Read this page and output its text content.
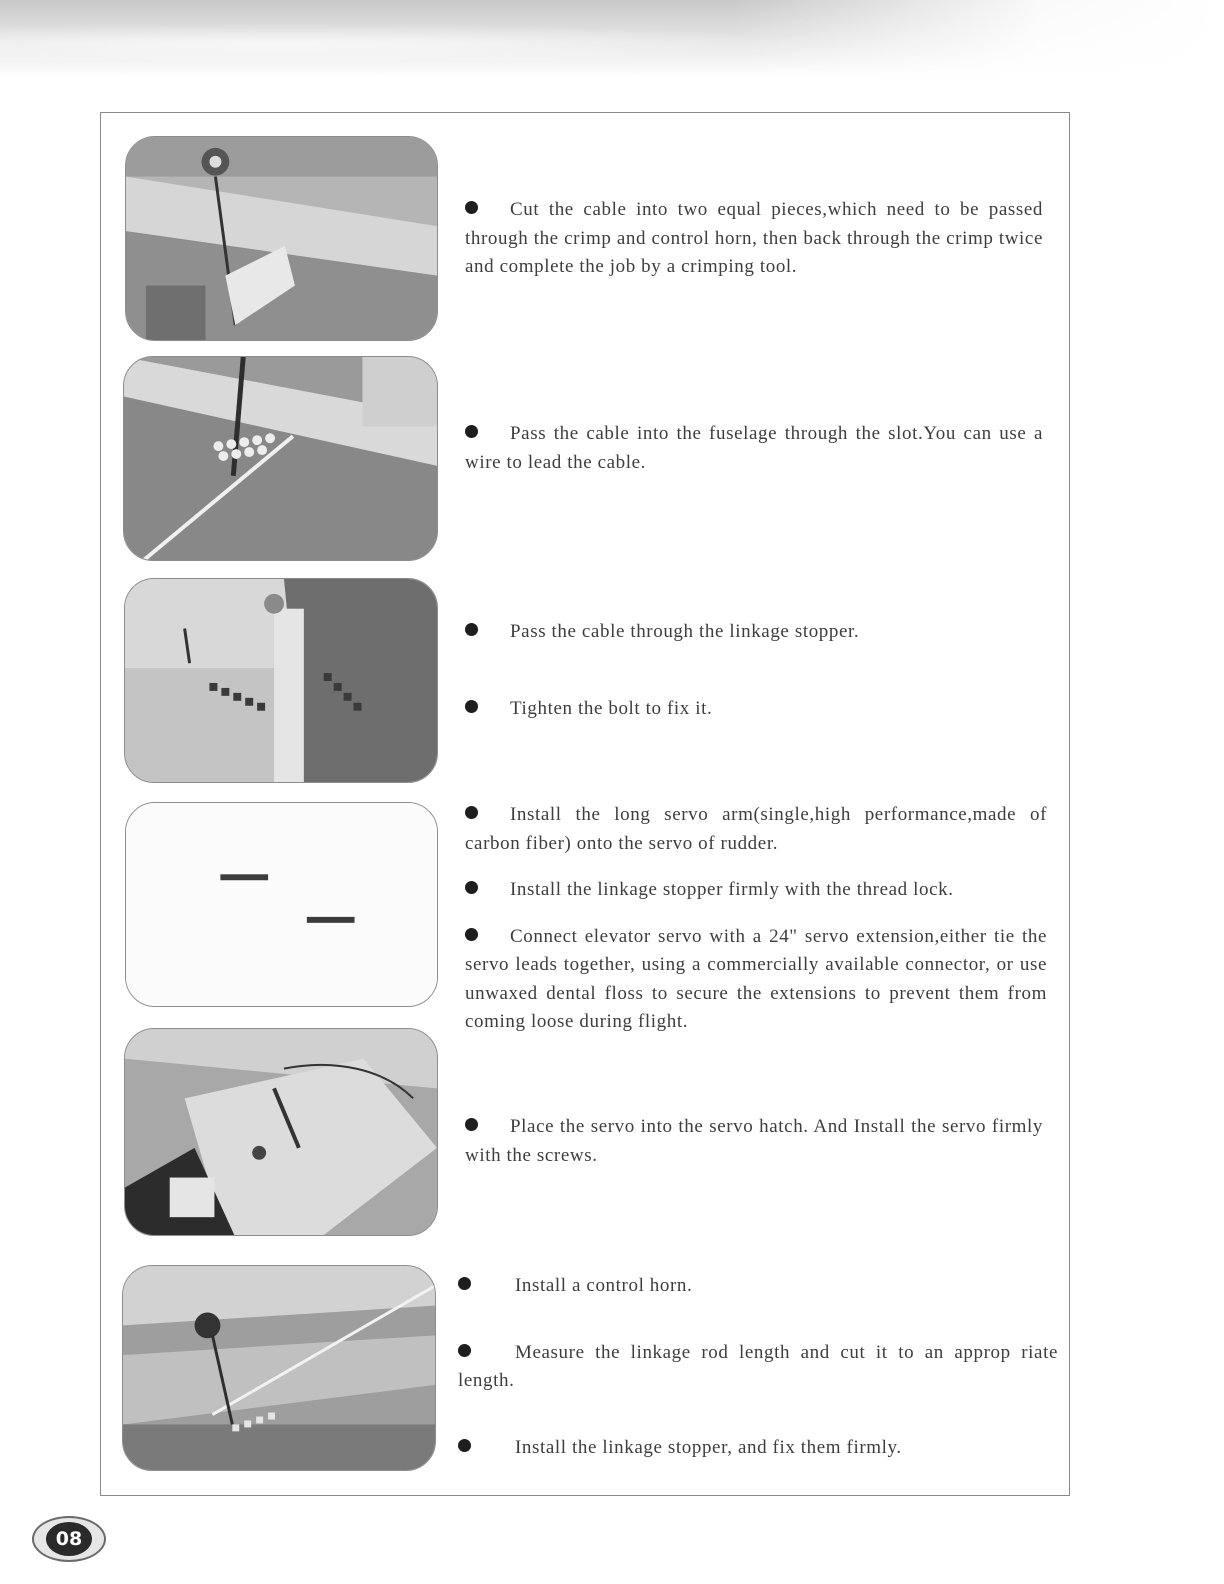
Cut the cable into two equal pieces,which need to be passed through the crimp and control horn, then back through the crimp twice and complete the job by a crimping tool.

Pass the cable into the fuselage through the slot.You can use a wire to lead the cable.

Pass the cable through the linkage stopper.

Tighten the bolt to fix it.

Install the long servo arm(single,high performance,made of carbon fiber) onto the servo of rudder.

Install the linkage stopper firmly with the thread lock.

Connect elevator servo with a 24" servo extension,either tie the servo leads together, using a commercially available connector, or use unwaxed dental floss to secure the extensions to prevent them from coming loose during flight.

Place the servo into the servo hatch. And Install the servo firmly with the screws.

Install a control horn.

Measure the linkage rod length and cut it to an approp riate length.

Install the linkage stopper, and fix them firmly.

08
